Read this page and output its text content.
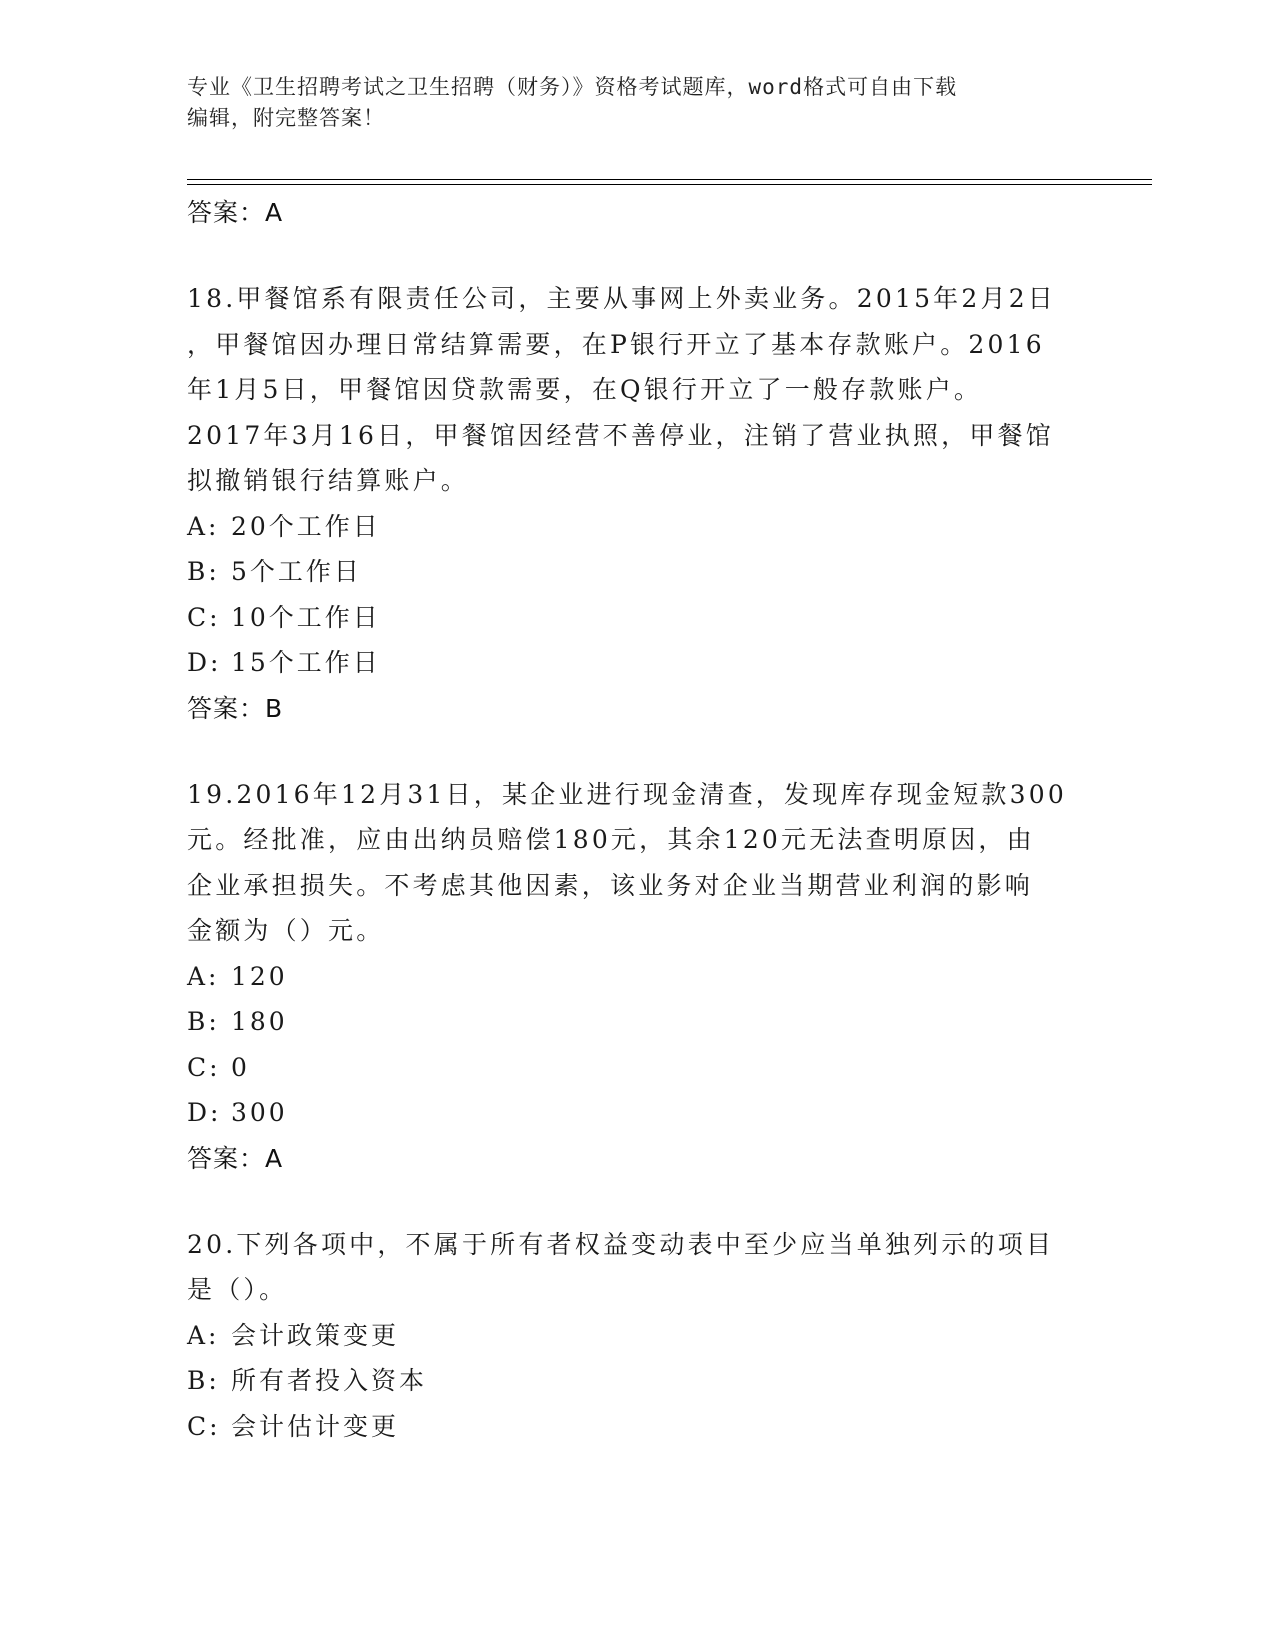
专业《卫生招聘考试之卫生招聘（财务）》资格考试题库，word格式可自由下载
编辑，附完整答案！
答案：A
18.甲餐馆系有限责任公司，主要从事网上外卖业务。2015年2月2日
，甲餐馆因办理日常结算需要，在P银行开立了基本存款账户。2016
年1月5日，甲餐馆因贷款需要，在Q银行开立了一般存款账户。
2017年3月16日，甲餐馆因经营不善停业，注销了营业执照，甲餐馆
拟撤销银行结算账户。
A: 20个工作日
B: 5个工作日
C: 10个工作日
D: 15个工作日
答案：B
19.2016年12月31日，某企业进行现金清查，发现库存现金短款300
元。经批准，应由出纳员赔偿180元，其余120元无法查明原因，由
企业承担损失。不考虑其他因素，该业务对企业当期营业利润的影响
金额为（）元。
A: 120
B: 180
C: 0
D: 300
答案：A
20.下列各项中，不属于所有者权益变动表中至少应当单独列示的项目
是（）。
A: 会计政策变更
B: 所有者投入资本
C: 会计估计变更
